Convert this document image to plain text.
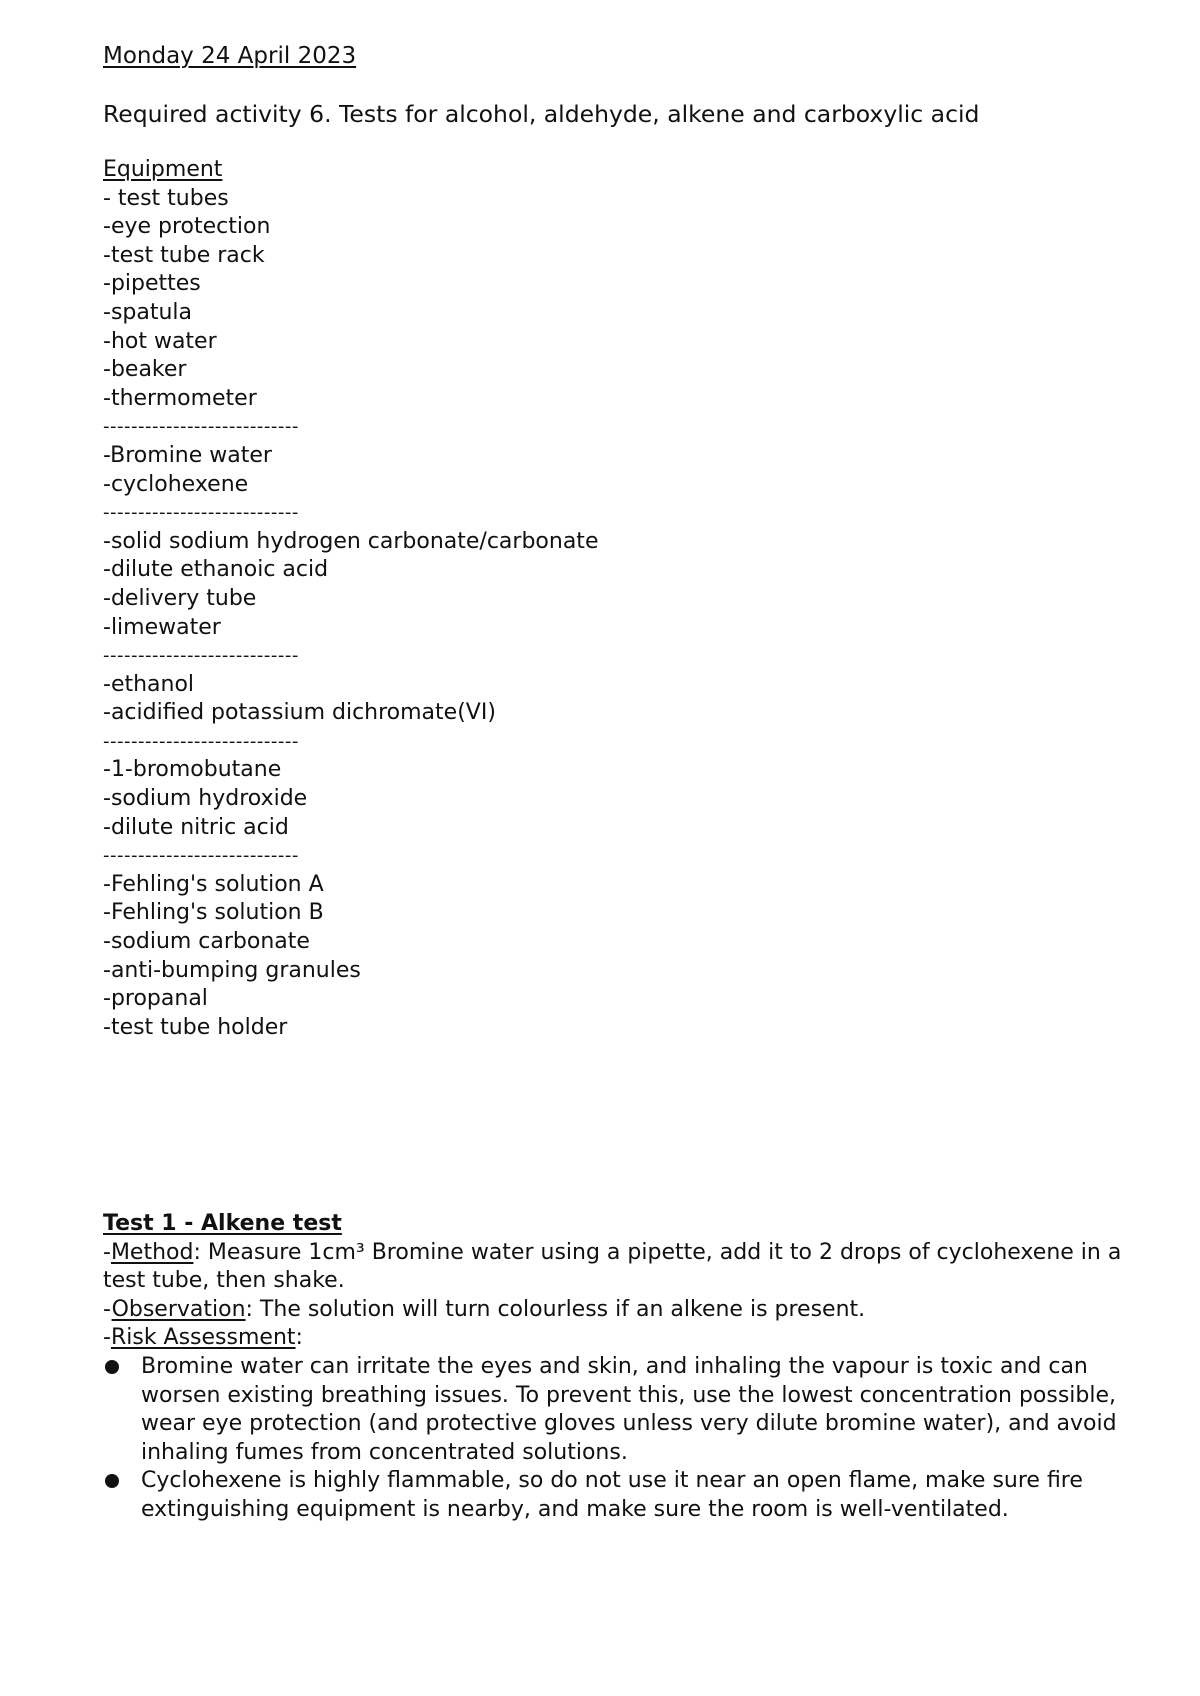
Monday 24 April 2023

Required activity 6. Tests for alcohol, aldehyde, alkene and carboxylic acid

Equipment

- test tubes
-eye protection
-test tube rack
-pipettes
-spatula
-hot water
-beaker
-thermometer
----------------------------
-Bromine water
-cyclohexene
----------------------------
-solid sodium hydrogen carbonate/carbonate
-dilute ethanoic acid
-delivery tube
-limewater
----------------------------
-ethanol
-acidified potassium dichromate(VI)
----------------------------
-1-bromobutane
-sodium hydroxide
-dilute nitric acid
----------------------------
-Fehling's solution A
-Fehling's solution B
-sodium carbonate
-anti-bumping granules
-propanal
-test tube holder

Test 1 - Alkene test

-Method: Measure 1cm³ Bromine water using a pipette, add it to 2 drops of cyclohexene in a test tube, then shake.

-Observation: The solution will turn colourless if an alkene is present.

-Risk Assessment:

Bromine water can irritate the eyes and skin, and inhaling the vapour is toxic and can worsen existing breathing issues. To prevent this, use the lowest concentration possible, wear eye protection (and protective gloves unless very dilute bromine water), and avoid inhaling fumes from concentrated solutions.

Cyclohexene is highly flammable, so do not use it near an open flame, make sure fire extinguishing equipment is nearby, and make sure the room is well-ventilated.
